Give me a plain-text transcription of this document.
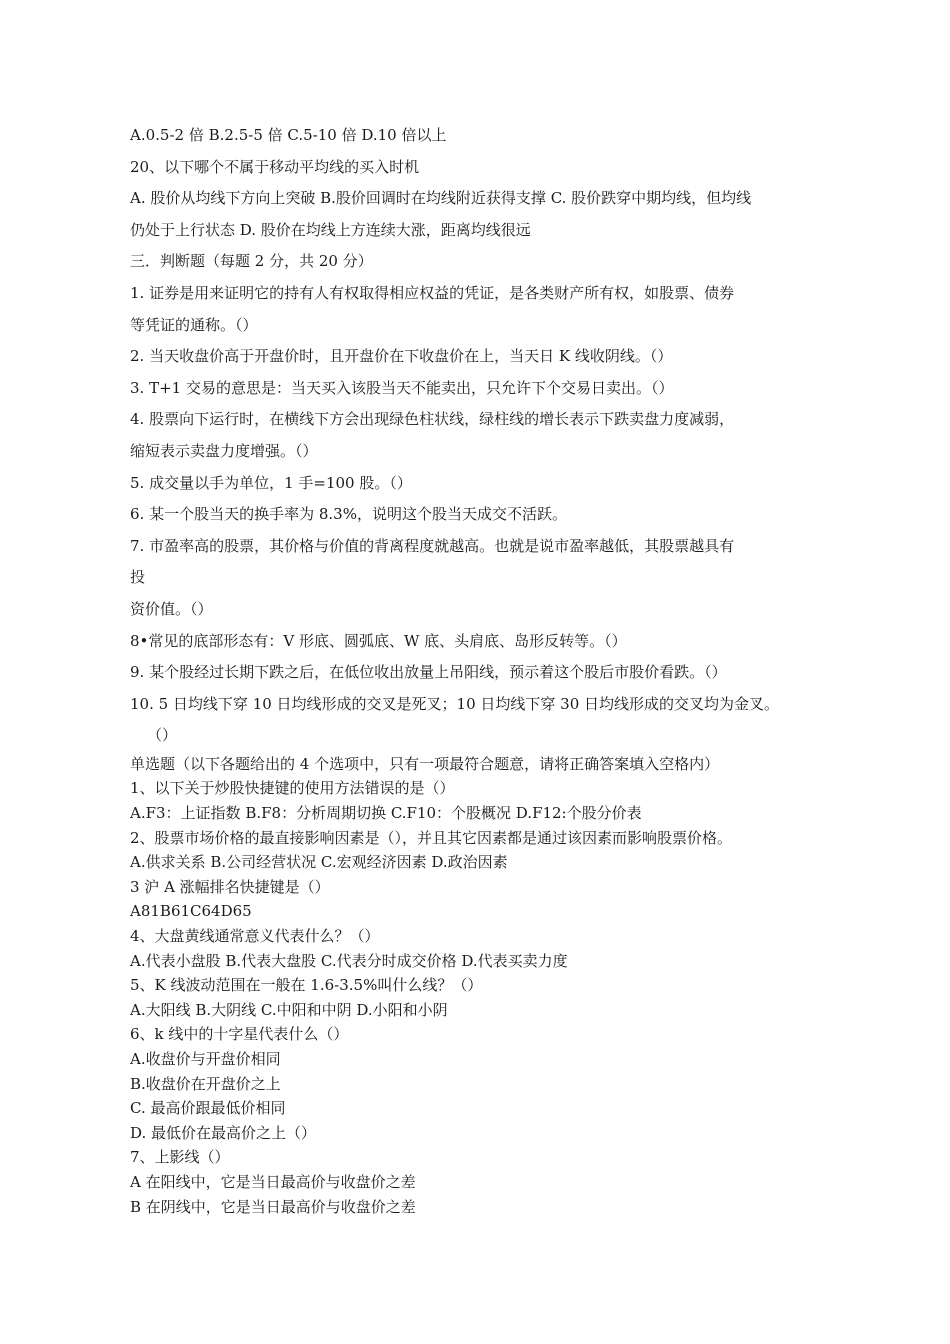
A.0.5-2 倍 B.2.5-5 倍 C.5-10 倍 D.10 倍以上
20、以下哪个不属于移动平均线的买入时机
A. 股价从均线下方向上突破 B.股价回调时在均线附近获得支撑 C. 股价跌穿中期均线，但均线
仍处于上行状态 D. 股价在均线上方连续大涨，距离均线很远
三．判断题（每题 2 分，共 20 分）
1. 证券是用来证明它的持有人有权取得相应权益的凭证，是各类财产所有权，如股票、债券
等凭证的通称。（）
2. 当天收盘价高于开盘价时，且开盘价在下收盘价在上，当天日 K 线收阴线。（）
3. T+1 交易的意思是：当天买入该股当天不能卖出，只允许下个交易日卖出。（）
4. 股票向下运行时，在横线下方会出现绿色柱状线，绿柱线的增长表示下跌卖盘力度减弱，
缩短表示卖盘力度增强。（）
5. 成交量以手为单位，1 手=100 股。（）
6. 某一个股当天的换手率为 8.3%，说明这个股当天成交不活跃。
7. 市盈率高的股票，其价格与价值的背离程度就越高。也就是说市盈率越低，其股票越具有
投
资价值。（）
8•常见的底部形态有：V 形底、圆弧底、W 底、头肩底、岛形反转等。（）
9. 某个股经过长期下跌之后，在低位收出放量上吊阳线，预示着这个股后市股价看跌。（）
10. 5 日均线下穿 10 日均线形成的交叉是死叉；10 日均线下穿 30 日均线形成的交叉均为金叉。
（）
单选题（以下各题给出的 4 个选项中，只有一项最符合题意，请将正确答案填入空格内）
1、以下关于炒股快捷键的使用方法错误的是（）
A.F3：上证指数 B.F8：分析周期切换 C.F10：个股概况 D.F12:个股分价表
2、股票市场价格的最直接影响因素是（），并且其它因素都是通过该因素而影响股票价格。
A.供求关系 B.公司经营状况 C.宏观经济因素 D.政治因素
3 沪 A 涨幅排名快捷键是（）
A81B61C64D65
4、大盘黄线通常意义代表什么？（）
A.代表小盘股 B.代表大盘股 C.代表分时成交价格 D.代表买卖力度
5、K 线波动范围在一般在 1.6-3.5%叫什么线？（）
A.大阳线 B.大阴线 C.中阳和中阴 D.小阳和小阴
6、k 线中的十字星代表什么（）
A.收盘价与开盘价相同
B.收盘价在开盘价之上
C. 最高价跟最低价相同
D. 最低价在最高价之上（）
7、上影线（）
A 在阳线中，它是当日最高价与收盘价之差
B 在阴线中，它是当日最高价与收盘价之差
